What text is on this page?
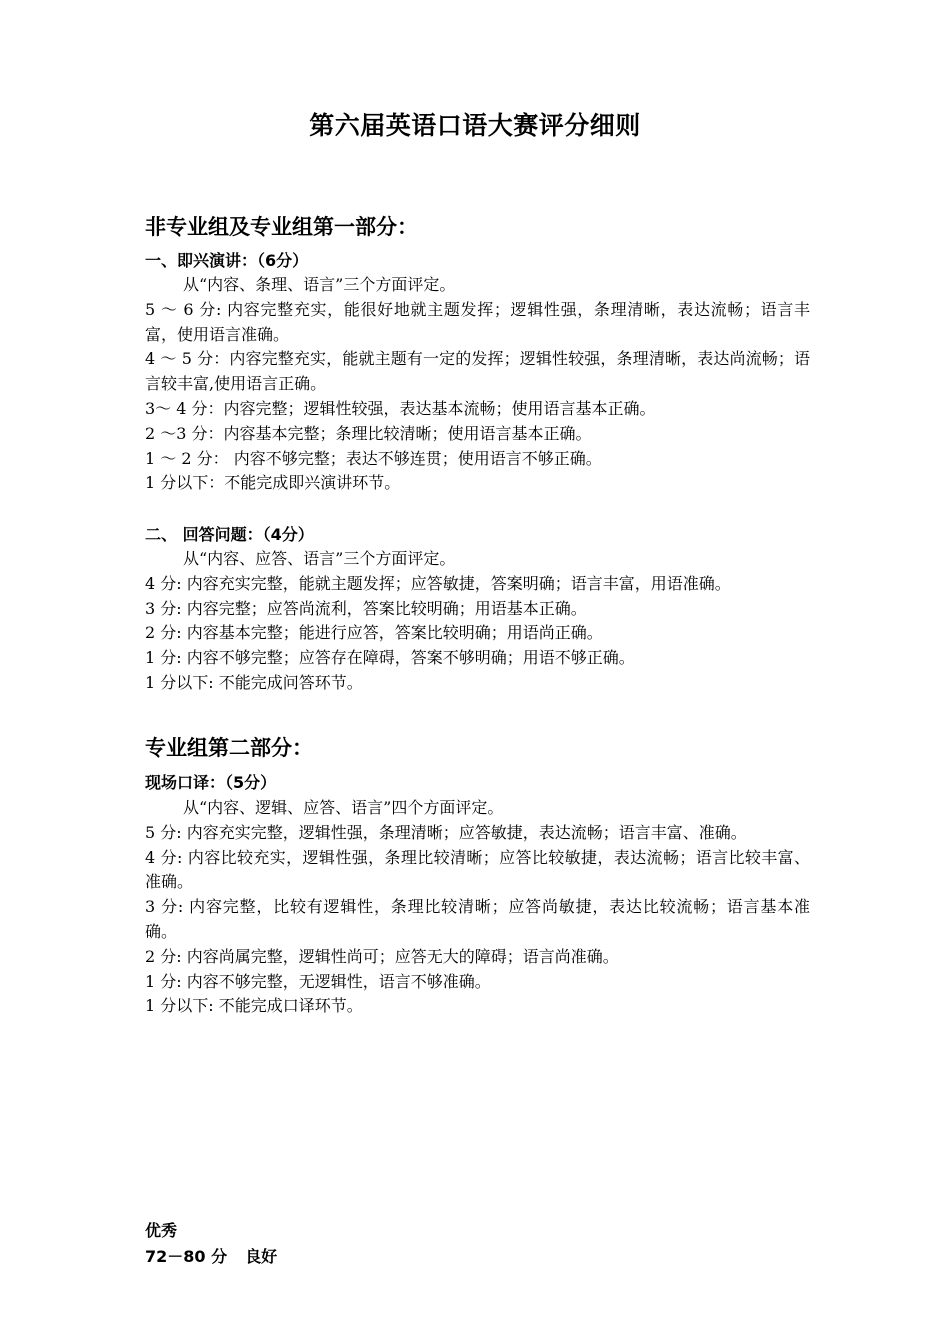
第六届英语口语大赛评分细则
非专业组及专业组第一部分：
一、即兴演讲：（6分）

从“内容、条理、语言”三个方面评定。

5 ～ 6 分: 内容完整充实，能很好地就主题发挥；逻辑性强，条理清晰，表达流畅；语言丰富，使用语言准确。

4 ～ 5 分：内容完整充实，能就主题有一定的发挥；逻辑性较强，条理清晰，表达尚流畅；语言较丰富,使用语言正确。

3～ 4 分：内容完整；逻辑性较强，表达基本流畅；使用语言基本正确。

2 ～3 分：内容基本完整；条理比较清晰；使用语言基本正确。

1 ～ 2 分： 内容不够完整；表达不够连贯；使用语言不够正确。

1 分以下：不能完成即兴演讲环节。

二、 回答问题：（4分）

从“内容、应答、语言”三个方面评定。

4 分: 内容充实完整，能就主题发挥；应答敏捷，答案明确；语言丰富，用语准确。

3 分: 内容完整；应答尚流利，答案比较明确；用语基本正确。

2 分: 内容基本完整；能进行应答，答案比较明确；用语尚正确。

1 分: 内容不够完整；应答存在障碍，答案不够明确；用语不够正确。

1 分以下: 不能完成问答环节。

专业组第二部分：
现场口译：（5分）

从“内容、逻辑、应答、语言”四个方面评定。

5 分: 内容充实完整，逻辑性强，条理清晰；应答敏捷，表达流畅；语言丰富、准确。

4 分: 内容比较充实，逻辑性强，条理比较清晰；应答比较敏捷，表达流畅；语言比较丰富、准确。

3 分: 内容完整，比较有逻辑性，条理比较清晰；应答尚敏捷，表达比较流畅；语言基本准确。

2 分: 内容尚属完整，逻辑性尚可；应答无大的障碍；语言尚准确。

1 分: 内容不够完整，无逻辑性，语言不够准确。

1 分以下: 不能完成口译环节。

优秀
72－80 分 良好
